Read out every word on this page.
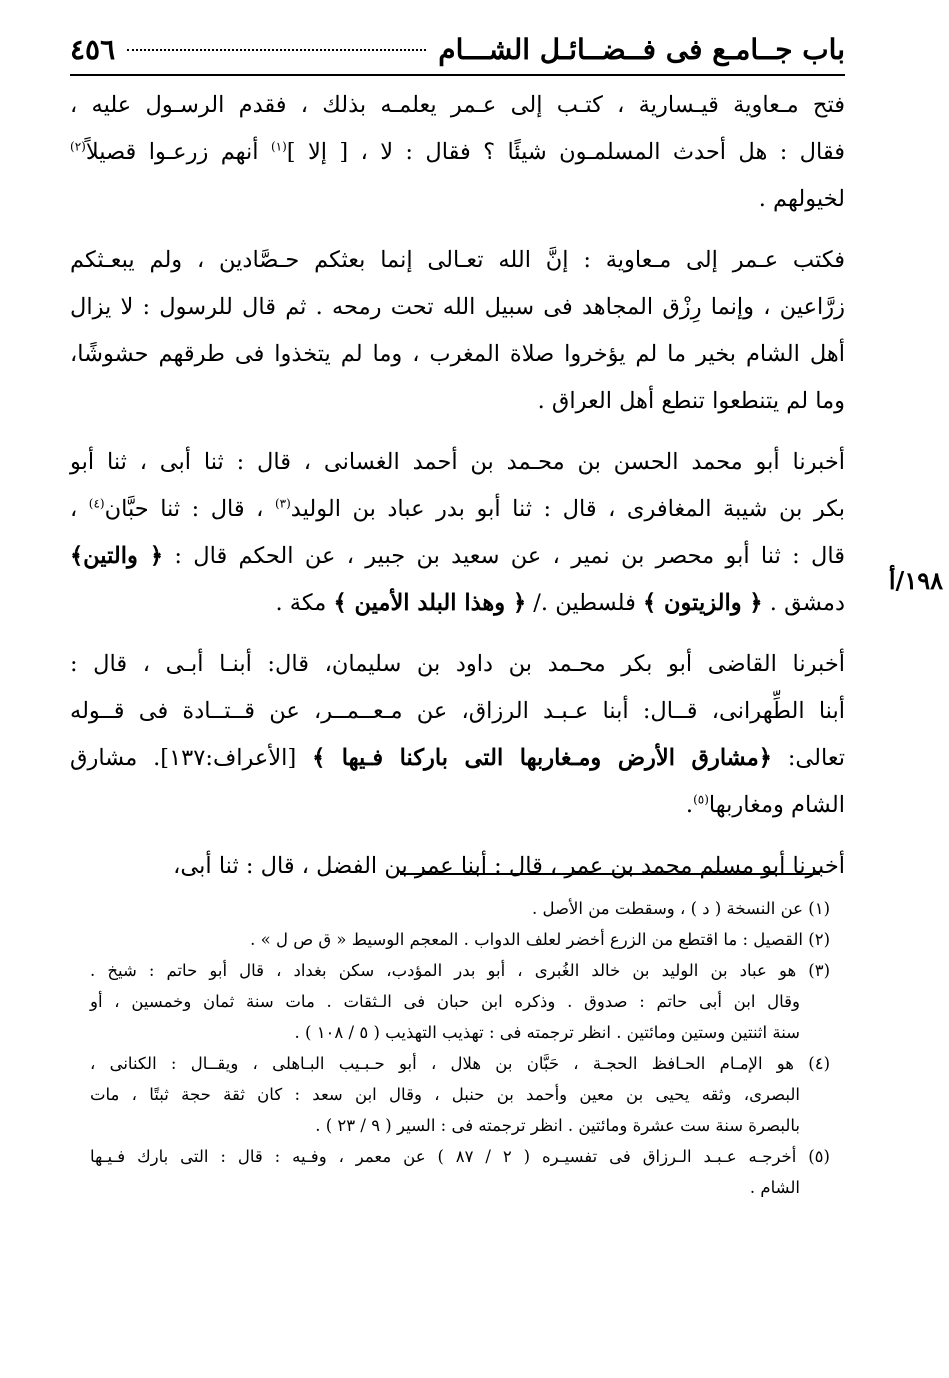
باب جــامـع فى فــضــائـل الشـــام
٤٥٦
فتح مـعاوية قيـسارية ، كتـب إلى عـمر يعلمـه بذلك ، فقدم الرسـول عليه ،
فقال : هل أحدث المسلمـون شيئًا ؟ فقال : لا ، [ إلا ]$^{(١)}$ أنهم زرعـوا قصيلاً$^{(٢)}$
لخيولهم .
فكتب عـمر إلى مـعاوية : إنَّ الله تعـالى إنما بعثكم حـصَّادين ، ولم يبعـثكم
زرَّاعين ، وإنما رِزْق المجاهد فى سبيل الله تحت رمحه . ثم قال للرسول : لا يزال
أهل الشام بخير ما لم يؤخروا صلاة المغرب ، وما لم يتخذوا فى طرقهم حشوشًا،
وما لم يتنطعوا تنطع أهل العراق .
أخبرنا أبو محمد الحسن بن محـمد بن أحمد الغسانى ، قال : ثنا أبى ، ثنا أبو
بكر بن شيبة المغافرى ، قال : ثنا أبو بدر عباد بن الوليد$^{(٣)}$ ، قال : ثنا حبَّان$^{(٤)}$ ،
قال : ثنا أبو محصر بن نمير ، عن سعيد بن جبير ، عن الحكم قال : ﴿ والتين﴾
دمشق . ﴿ والزيتون ﴾ فلسطين ./ ﴿ وهذا البلد الأمين ﴾ مكة .
أخبرنا القاضى أبو بكر محـمد بن داود بن سليمان، قال: أبنـا أبـى ، قال :
أبنا الطِّهرانى، قــال: أبنا عـبـد الرزاق، عن مـعــمــر، عن قــتــادة فى قــوله
تعالى: ﴿مشارق الأرض ومـغاربها التى باركنا فـيها ﴾ [الأعراف:١٣٧]. مشارق
الشام ومغاربها$^{(٥)}$.
أخبرنا أبو مسلم محمد بن عمر ، قال : أبنا عمر بن الفضل ، قال : ثنا أبى،
١٩٨/أ
(١) عن النسخة ( د ) ، وسقطت من الأصل .
(٢) القصيل : ما اقتطع من الزرع أخضر لعلف الدواب . المعجم الوسيط « ق ص ل » .
(٣) هو عباد بن الوليد بن خالد الغُبرى ، أبو بدر المؤدب، سكن بغداد ، قال أبو حاتم : شيخ .
وقال ابن أبى حاتم : صدوق . وذكره ابن حبان فى الـثقات . مات سنة ثمان وخمسين ، أو
سنة اثنتين وستين ومائتين . انظر ترجمته فى : تهذيب التهذيب ( ٥ / ١٠٨ ) .
(٤) هو الإمـام الحـافظ الحجـة ، حَبَّان بن هلال ، أبو حـبـيب البـاهلى ، ويقــال : الكنانى ،
البصرى، وثقه يحيى بن معين وأحمد بن حنبل ، وقال ابن سعد : كان ثقة حجة ثبتًا ، مات
بالبصرة سنة ست عشرة ومائتين . انظر ترجمته فى : السير ( ٩ / ٢٣ ) .
(٥) أخرجـه عـبـد الـرزاق فى تفسيـره ( ٢ / ٨٧ ) عن معمر ، وفـيه : قال : التى بارك فـيـها
الشام .
